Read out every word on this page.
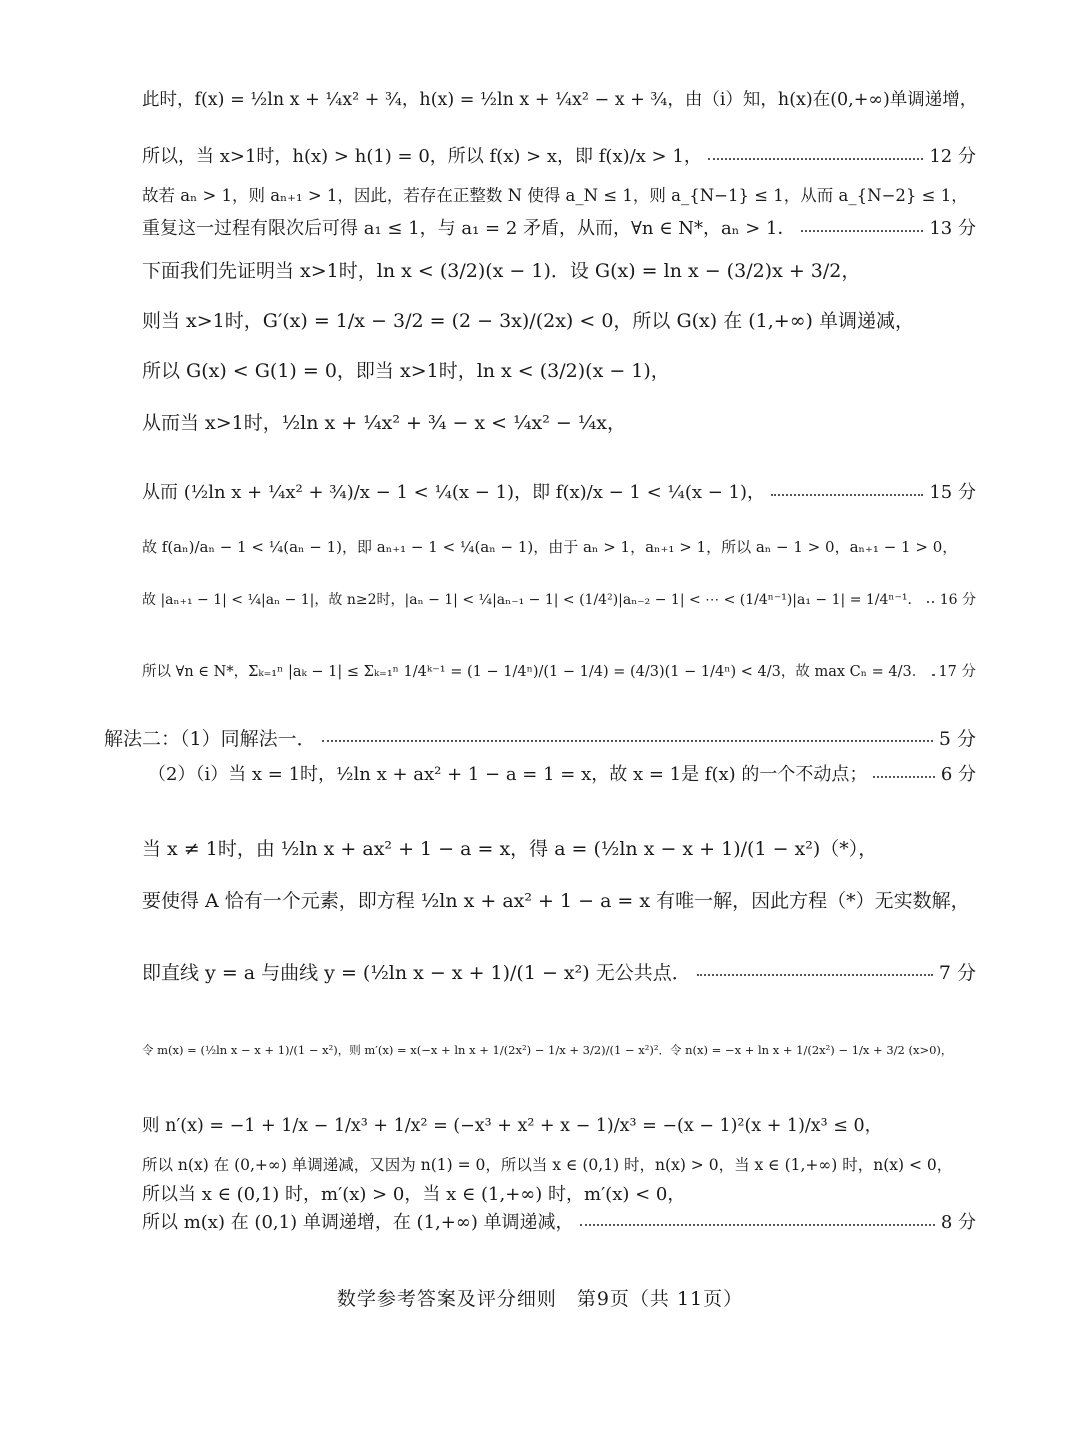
此时，f(x) = ½ln x + ¼x² + ¾，h(x) = ½ln x + ¼x² − x + ¾，由（i）知，h(x)在(0,+∞)单调递增，
所以，当 x>1时，h(x) > h(1) = 0，所以 f(x) > x，即 f(x)/x > 1，	12 分
故若 aₙ > 1，则 aₙ₊₁ > 1，因此，若存在正整数 N 使得 a_N ≤ 1，则 a_{N−1} ≤ 1，从而 a_{N−2} ≤ 1，
重复这一过程有限次后可得 a₁ ≤ 1，与 a₁ = 2 矛盾，从而，∀n ∈ N*，aₙ > 1．	13 分
下面我们先证明当 x>1时，ln x < (3/2)(x − 1)．设 G(x) = ln x − (3/2)x + 3/2，
则当 x>1时，G′(x) = 1/x − 3/2 = (2 − 3x)/(2x) < 0，所以 G(x) 在 (1,+∞) 单调递减，
所以 G(x) < G(1) = 0，即当 x>1时，ln x < (3/2)(x − 1)，
从而当 x>1时，½ln x + ¼x² + ¾ − x < ¼x² − ¼x，
从而 (½ln x + ¼x² + ¾)/x − 1 < ¼(x − 1)，即 f(x)/x − 1 < ¼(x − 1)，	15 分
故 f(aₙ)/aₙ − 1 < ¼(aₙ − 1)，即 aₙ₊₁ − 1 < ¼(aₙ − 1)，由于 aₙ > 1，aₙ₊₁ > 1，所以 aₙ − 1 > 0，aₙ₊₁ − 1 > 0，
故 |aₙ₊₁ − 1| < ¼|aₙ − 1|，故 n≥2时，|aₙ − 1| < ¼|aₙ₋₁ − 1| < (1/4²)|aₙ₋₂ − 1| < ⋯ < (1/4ⁿ⁻¹)|a₁ − 1| = 1/4ⁿ⁻¹． 16 分
所以 ∀n ∈ N*，Σₖ₌₁ⁿ |aₖ − 1| ≤ Σₖ₌₁ⁿ 1/4ᵏ⁻¹ = (1 − 1/4ⁿ)/(1 − 1/4) = (4/3)(1 − 1/4ⁿ) < 4/3，故 max Cₙ = 4/3． 17 分
解法二：（1）同解法一．	5 分
（2）（i）当 x = 1时，½ln x + ax² + 1 − a = 1 = x，故 x = 1是 f(x) 的一个不动点；	6 分
当 x ≠ 1时，由 ½ln x + ax² + 1 − a = x，得 a = (½ln x − x + 1)/(1 − x²)（*），
要使得 A 恰有一个元素，即方程 ½ln x + ax² + 1 − a = x 有唯一解，因此方程（*）无实数解，
即直线 y = a 与曲线 y = (½ln x − x + 1)/(1 − x²) 无公共点．	7 分
令 m(x) = (½ln x − x + 1)/(1 − x²)，则 m′(x) = x(−x + ln x + 1/(2x²) − 1/x + 3/2)/(1 − x²)²．令 n(x) = −x + ln x + 1/(2x²) − 1/x + 3/2 (x>0)，
则 n′(x) = −1 + 1/x − 1/x³ + 1/x² = (−x³ + x² + x − 1)/x³ = −(x − 1)²(x + 1)/x³ ≤ 0，
所以 n(x) 在 (0,+∞) 单调递减，又因为 n(1) = 0，所以当 x ∈ (0,1) 时，n(x) > 0，当 x ∈ (1,+∞) 时，n(x) < 0，
所以当 x ∈ (0,1) 时，m′(x) > 0，当 x ∈ (1,+∞) 时，m′(x) < 0，
所以 m(x) 在 (0,1) 单调递增，在 (1,+∞) 单调递减，	8 分
数学参考答案及评分细则　第9页（共 11页）
